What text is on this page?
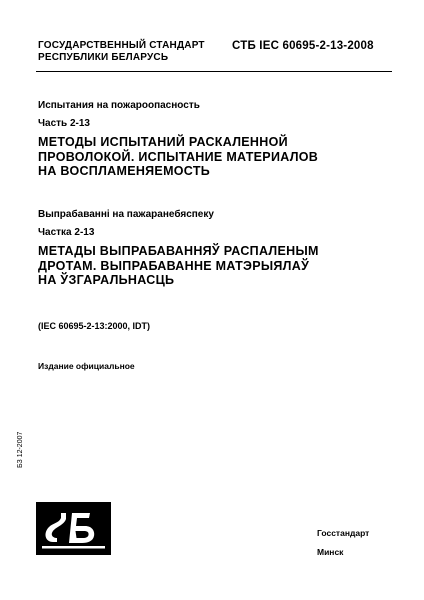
ГОСУДАРСТВЕННЫЙ СТАНДАРТ
РЕСПУБЛИКИ БЕЛАРУСЬ
СТБ IEC 60695-2-13-2008
Испытания на пожароопасность
Часть 2-13
МЕТОДЫ ИСПЫТАНИЙ РАСКАЛЕННОЙ
ПРОВОЛОКОЙ. ИСПЫТАНИЕ МАТЕРИАЛОВ
НА ВОСПЛАМЕНЯЕМОСТЬ
Выпрабаванні на пажаранебяспеку
Частка 2-13
МЕТАДЫ ВЫПРАБАВАННЯЎ РАСПАЛЕНЫМ
ДРОТАМ. ВЫПРАБАВАННЕ МАТЭРЫЯЛАЎ
НА ЎЗГАРАЛЬНАСЦЬ
(IEC 60695-2-13:2000, IDT)
Издание официальное
БЗ 12-2007
Госстандарт
Минск
